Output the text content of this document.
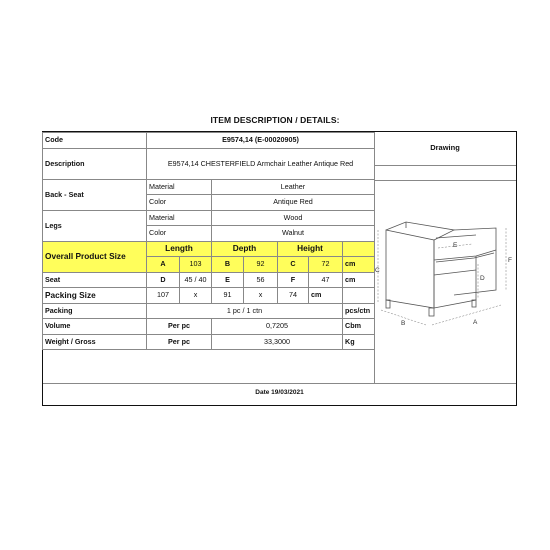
ITEM DESCRIPTION / DETAILS:
Code	E9574,14 (E-00020905)						
Description	E9574,14 CHESTERFIELD Armchair Leather Antique Red						
Back - Seat	Material		Leather				
	Color		Antique Red				
Legs	Material		Wood				
	Color		Walnut				
Overall Product Size	Length		Depth		Height		
	A	103	B	92	C	72	cm
Seat	D	45 / 40	E	56	F	47	cm
Packing Size	107	x	91	x	74	cm	
Packing	1 pc / 1 ctn						pcs/ctn
Volume	Per pc		0,7205				Cbm
Weight / Gross	Per pc		33,3000				Kg
Drawing
C
E
D
F
B	A
Date 19/03/2021
